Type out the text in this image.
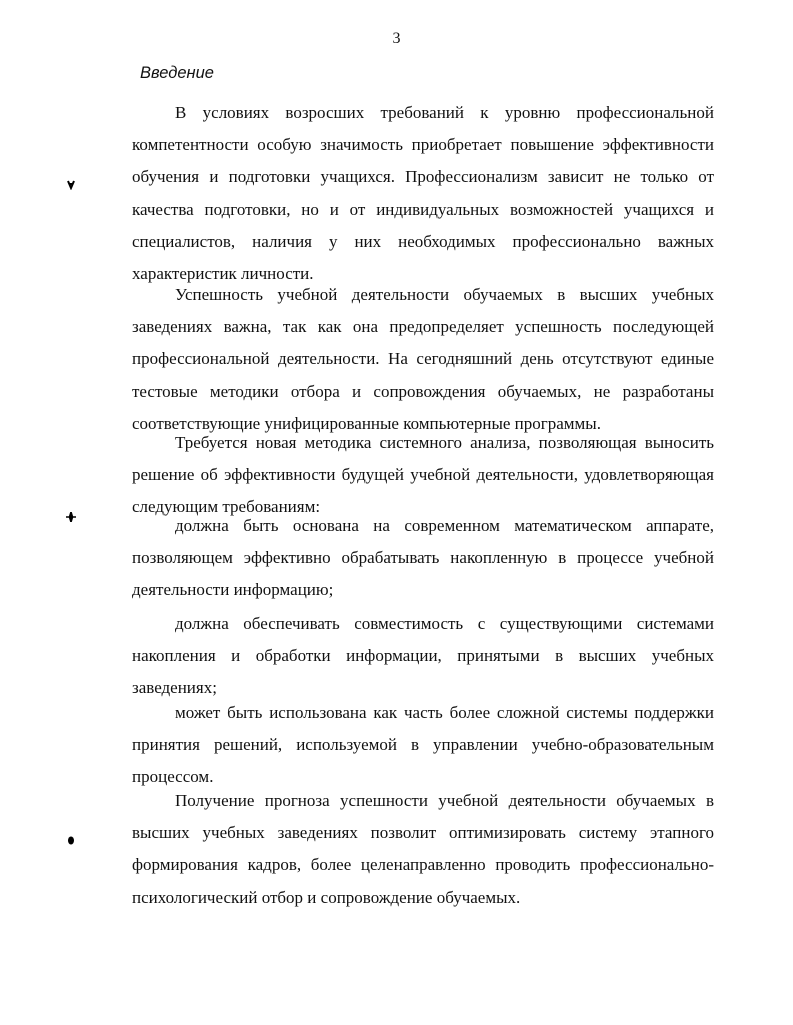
3
Введение

В условиях возросших требований к уровню профессиональной компетентности особую значимость приобретает повышение эффективности обучения и подготовки учащихся. Профессионализм зависит не только от качества подготовки, но и от индивидуальных возможностей учащихся и специалистов, наличия у них необходимых профессионально важных характеристик личности.

Успешность учебной деятельности обучаемых в высших учебных заведениях важна, так как она предопределяет успешность последующей профессиональной деятельности. На сегодняшний день отсутствуют единые тестовые методики отбора и сопровождения обучаемых, не разработаны соответствующие унифицированные компьютерные программы.

Требуется новая методика системного анализа, позволяющая выносить решение об эффективности будущей учебной деятельности, удовлетворяющая следующим требованиям:

должна быть основана на современном математическом аппарате, позволяющем эффективно обрабатывать накопленную в процессе учебной деятельности информацию;

должна обеспечивать совместимость с существующими системами накопления и обработки информации, принятыми в высших учебных заведениях;

может быть использована как часть более сложной системы поддержки принятия решений, используемой в управлении учебно-образовательным процессом.

Получение прогноза успешности учебной деятельности обучаемых в высших учебных заведениях позволит оптимизировать систему этапного формирования кадров, более целенаправленно проводить профессионально-психологический отбор и сопровождение обучаемых.
